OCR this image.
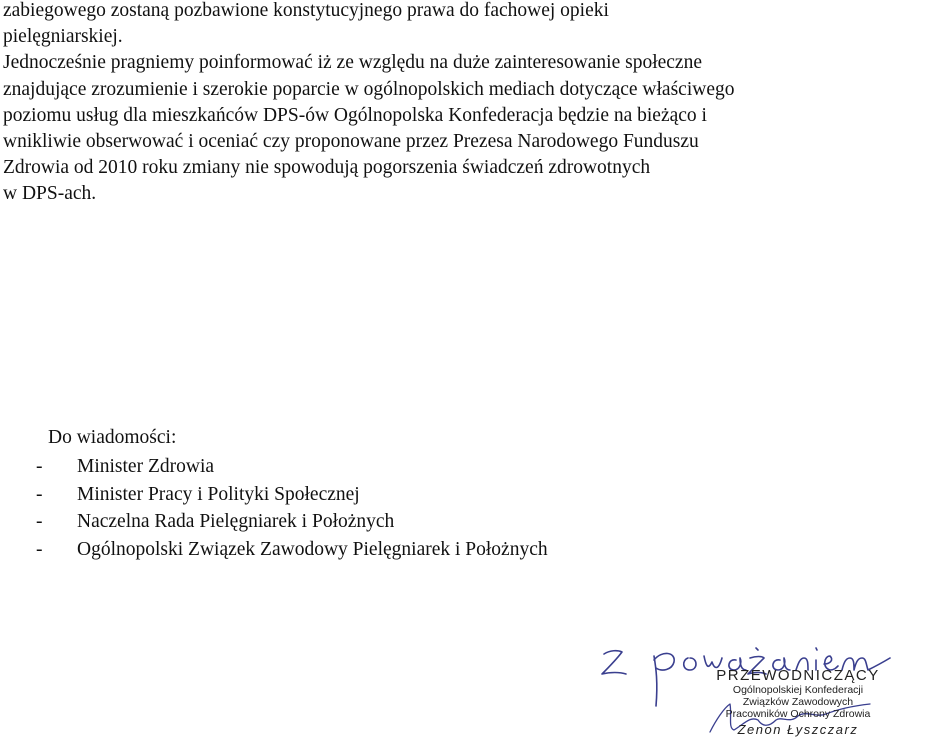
zabiegowego zostaną pozbawione konstytucyjnego prawa do fachowej opieki
pielęgniarskiej.
Jednocześnie pragniemy poinformować iż ze względu na duże zainteresowanie społeczne
znajdujące zrozumienie i szerokie poparcie w ogólnopolskich mediach dotyczące właściwego
poziomu usług dla mieszkańców DPS-ów Ogólnopolska Konfederacja będzie na bieżąco i
wnikliwie obserwować i oceniać czy proponowane przez Prezesa Narodowego Funduszu
Zdrowia od 2010 roku zmiany nie spowodują pogorszenia świadczeń zdrowotnych
w DPS-ach.
Do wiadomości:
- Minister Zdrowia
- Minister Pracy i Polityki Społecznej
- Naczelna Rada Pielęgniarek i Położnych
- Ogólnopolski Związek Zawodowy Pielęgniarek i Położnych
PRZEWODNICZĄCY
Ogólnopolskiej Konfederacji
Związków Zawodowych
Pracowników Ochrony Zdrowia
Zenon Łyszczarz
